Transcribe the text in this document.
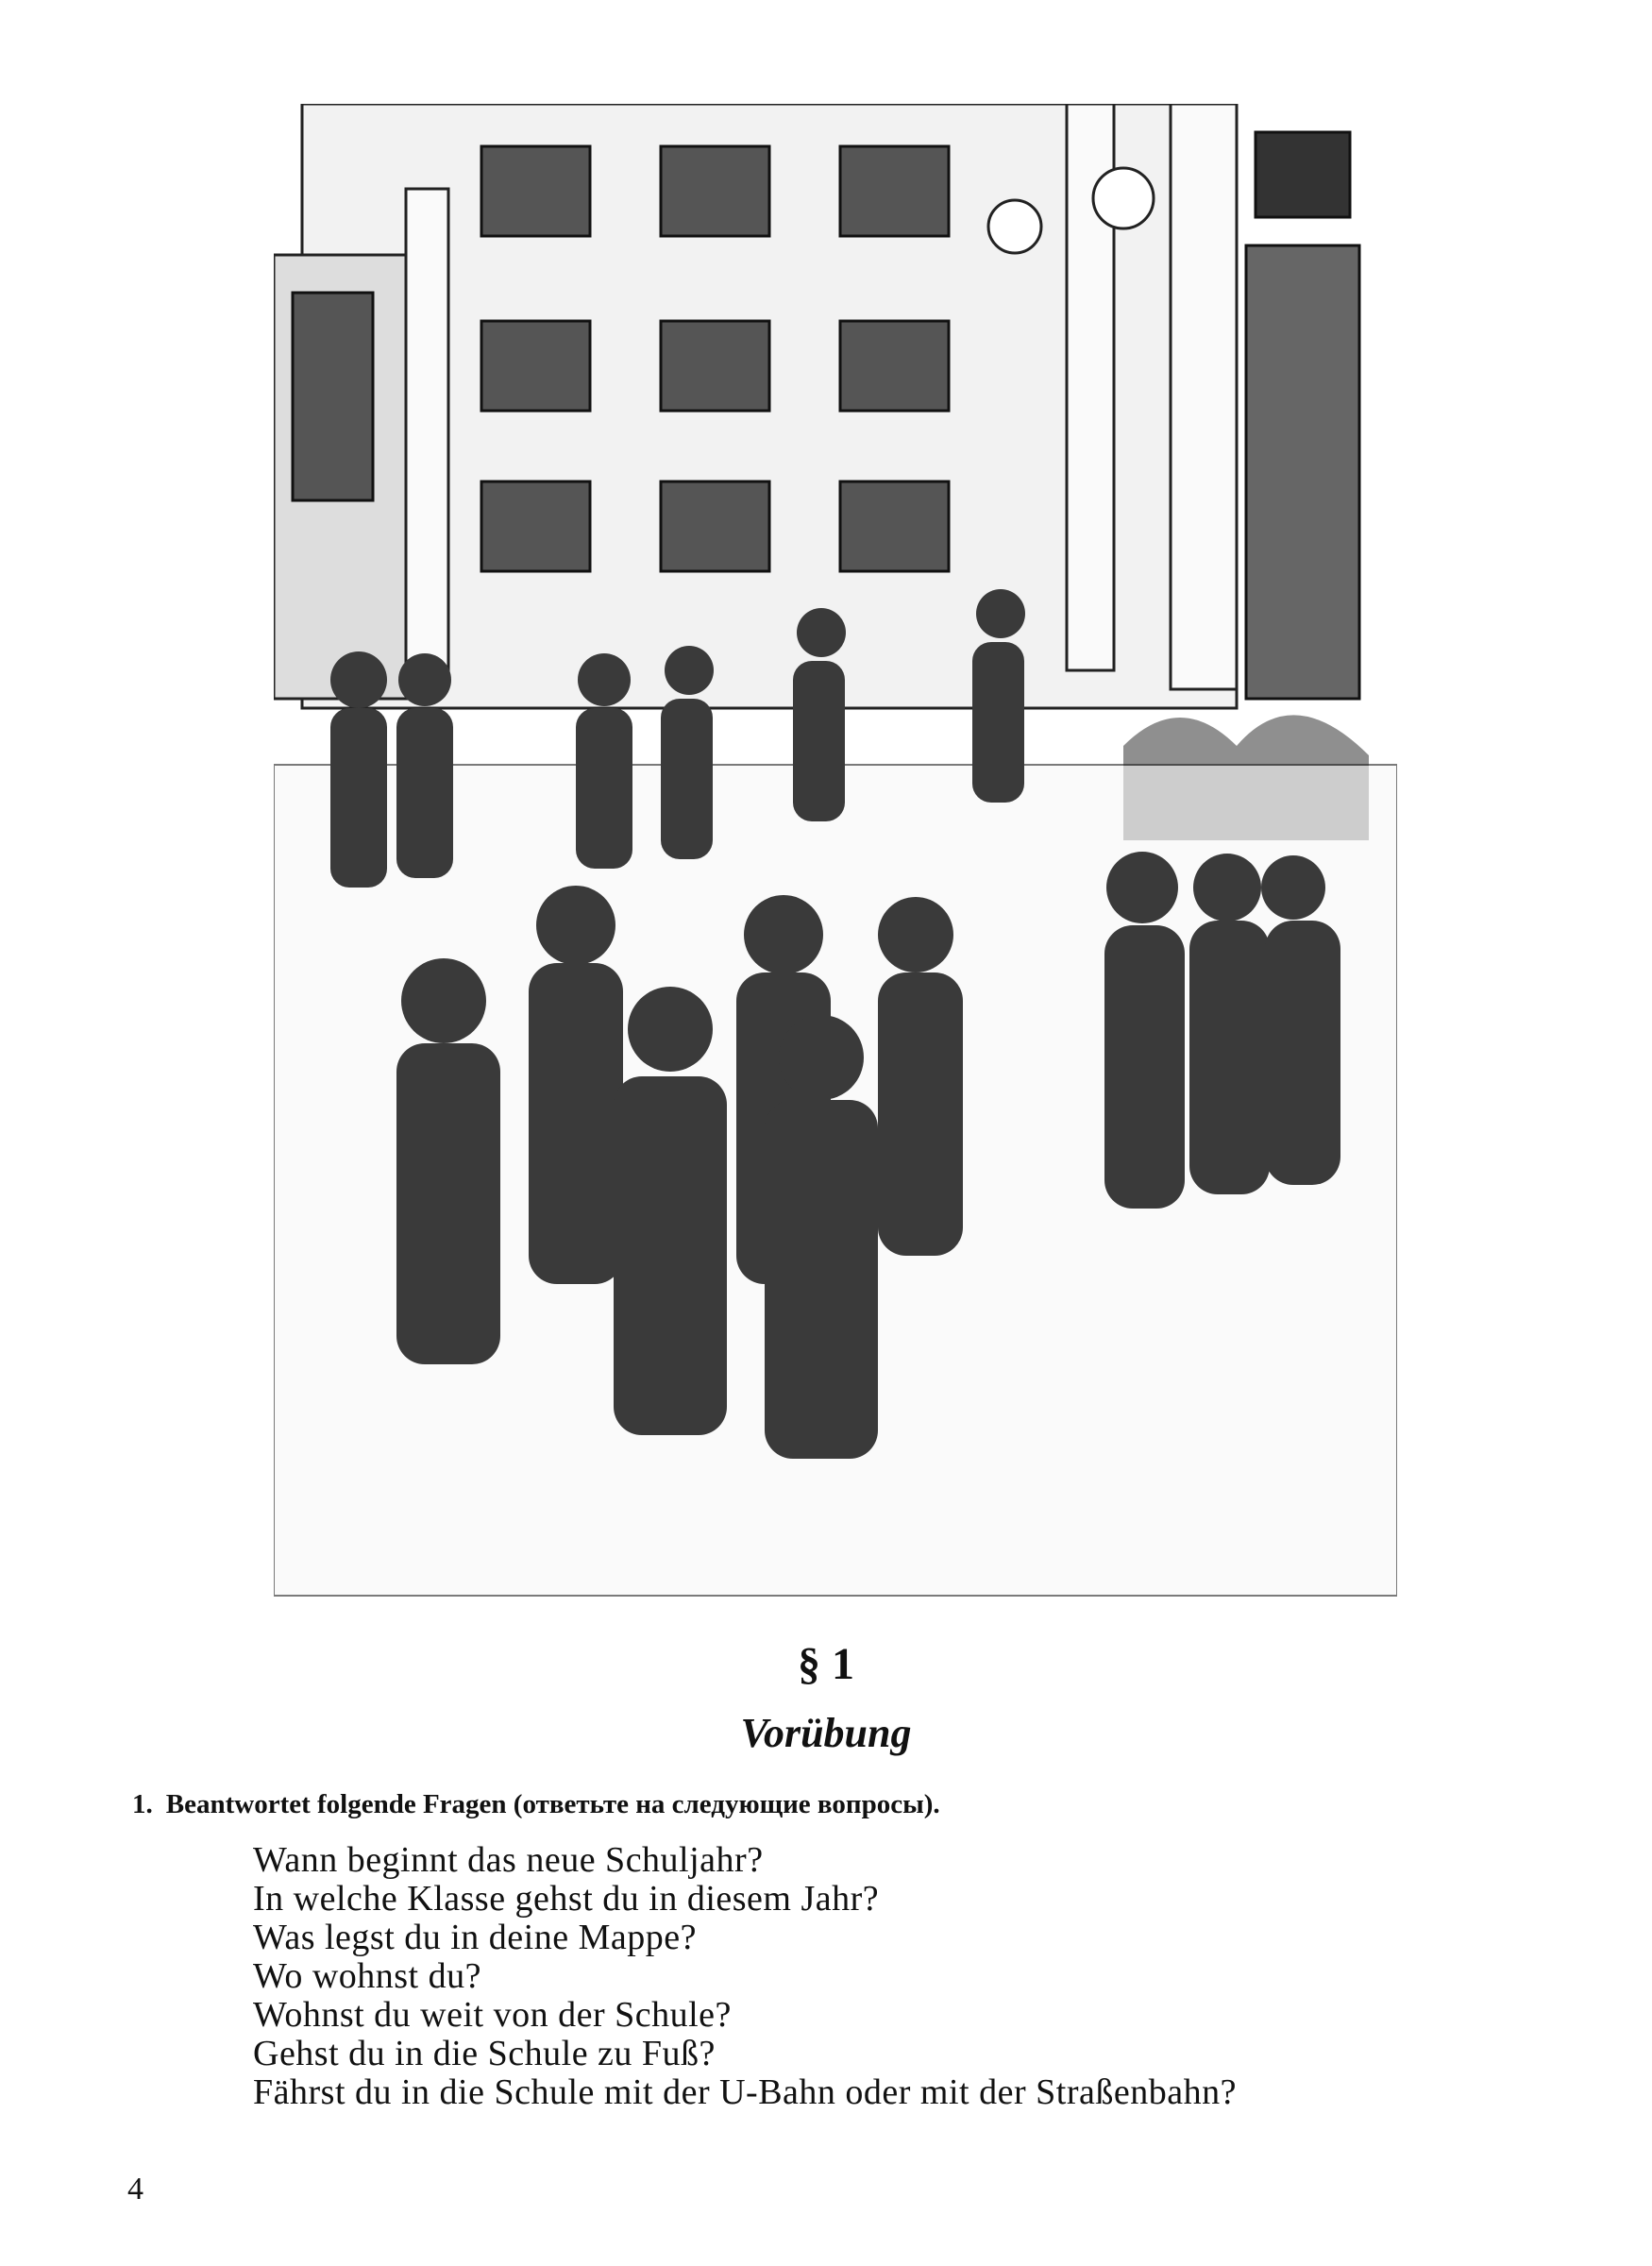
§ 1
Vorübung
1. Beantwortet folgende Fragen (ответьте на следующие вопросы).
Wann beginnt das neue Schuljahr?
In welche Klasse gehst du in diesem Jahr?
Was legst du in deine Mappe?
Wo wohnst du?
Wohnst du weit von der Schule?
Gehst du in die Schule zu Fuß?
Fährst du in die Schule mit der U-Bahn oder mit der Straßenbahn?
4
